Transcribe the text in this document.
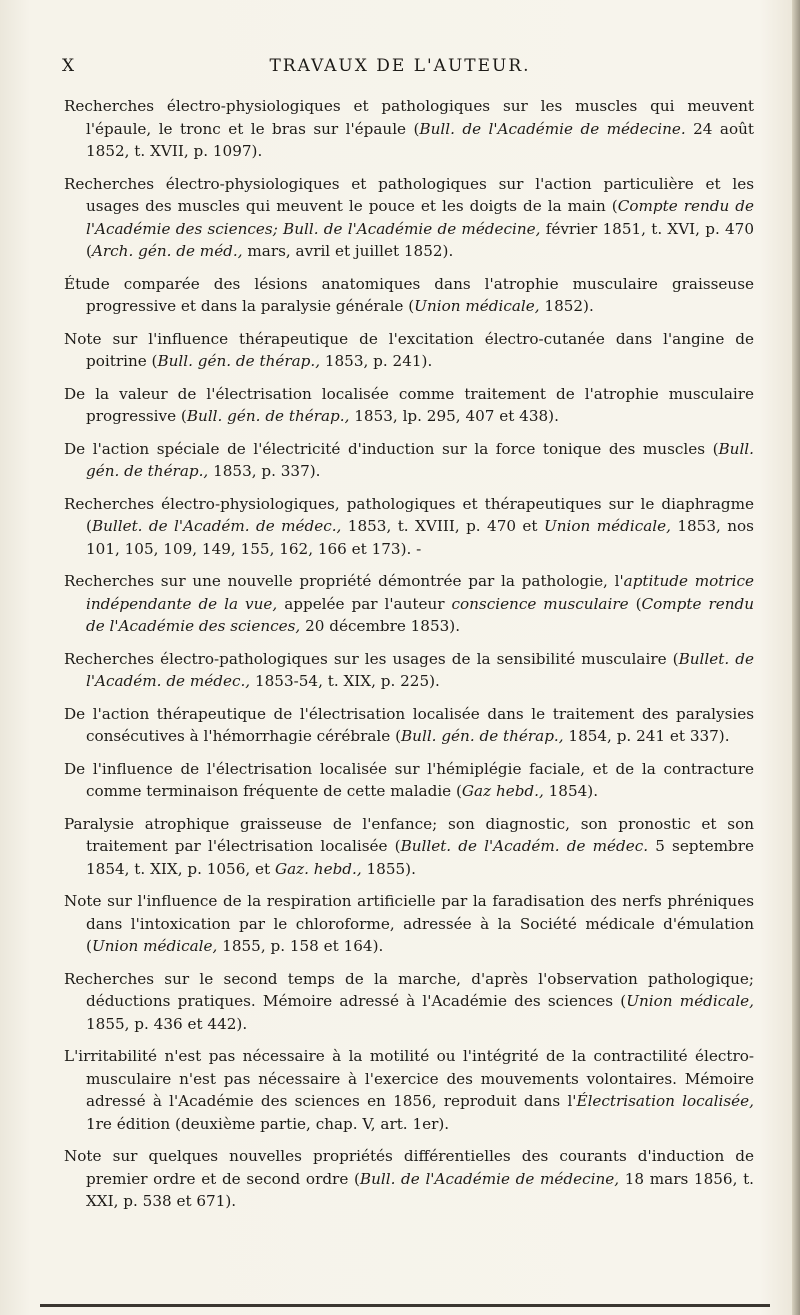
X	TRAVAUX DE L'AUTEUR.

Recherches électro-physiologiques et pathologiques sur les muscles qui meuvent l'épaule, le tronc et le bras sur l'épaule (Bull. de l'Académie de médecine. 24 août 1852, t. XVII, p. 1097).

Recherches électro-physiologiques et pathologiques sur l'action particulière et les usages des muscles qui meuvent le pouce et les doigts de la main (Compte rendu de l'Académie des sciences; Bull. de l'Académie de médecine, février 1851, t. XVI, p. 470 (Arch. gén. de méd., mars, avril et juillet 1852).

Étude comparée des lésions anatomiques dans l'atrophie musculaire graisseuse progressive et dans la paralysie générale (Union médicale, 1852).

Note sur l'influence thérapeutique de l'excitation électro-cutanée dans l'angine de poitrine (Bull. gén. de thérap., 1853, p. 241).

De la valeur de l'électrisation localisée comme traitement de l'atrophie musculaire progressive (Bull. gén. de thérap., 1853, lp. 295, 407 et 438).

De l'action spéciale de l'électricité d'induction sur la force tonique des muscles (Bull. gén. de thérap., 1853, p. 337).

Recherches électro-physiologiques, pathologiques et thérapeutiques sur le diaphragme (Bullet. de l'Académ. de médec., 1853, t. XVIII, p. 470 et Union médicale, 1853, nos 101, 105, 109, 149, 155, 162, 166 et 173). -

Recherches sur une nouvelle propriété démontrée par la pathologie, l'aptitude motrice indépendante de la vue, appelée par l'auteur conscience musculaire (Compte rendu de l'Académie des sciences, 20 décembre 1853).

Recherches électro-pathologiques sur les usages de la sensibilité musculaire (Bullet. de l'Académ. de médec., 1853-54, t. XIX, p. 225).

De l'action thérapeutique de l'électrisation localisée dans le traitement des paralysies consécutives à l'hémorrhagie cérébrale (Bull. gén. de thérap., 1854, p. 241 et 337).

De l'influence de l'électrisation localisée sur l'hémiplégie faciale, et de la contracture comme terminaison fréquente de cette maladie (Gaz hebd., 1854).

Paralysie atrophique graisseuse de l'enfance; son diagnostic, son pronostic et son traitement par l'électrisation localisée (Bullet. de l'Académ. de médec. 5 septembre 1854, t. XIX, p. 1056, et Gaz. hebd., 1855).

Note sur l'influence de la respiration artificielle par la faradisation des nerfs phréniques dans l'intoxication par le chloroforme, adressée à la Société médicale d'émulation (Union médicale, 1855, p. 158 et 164).

Recherches sur le second temps de la marche, d'après l'observation pathologique; déductions pratiques. Mémoire adressé à l'Académie des sciences (Union médicale, 1855, p. 436 et 442).

L'irritabilité n'est pas nécessaire à la motilité ou l'intégrité de la contractilité électro-musculaire n'est pas nécessaire à l'exercice des mouvements volontaires. Mémoire adressé à l'Académie des sciences en 1856, reproduit dans l'Électrisation localisée, 1re édition (deuxième partie, chap. V, art. 1er).

Note sur quelques nouvelles propriétés différentielles des courants d'induction de premier ordre et de second ordre (Bull. de l'Académie de médecine, 18 mars 1856, t. XXI, p. 538 et 671).
